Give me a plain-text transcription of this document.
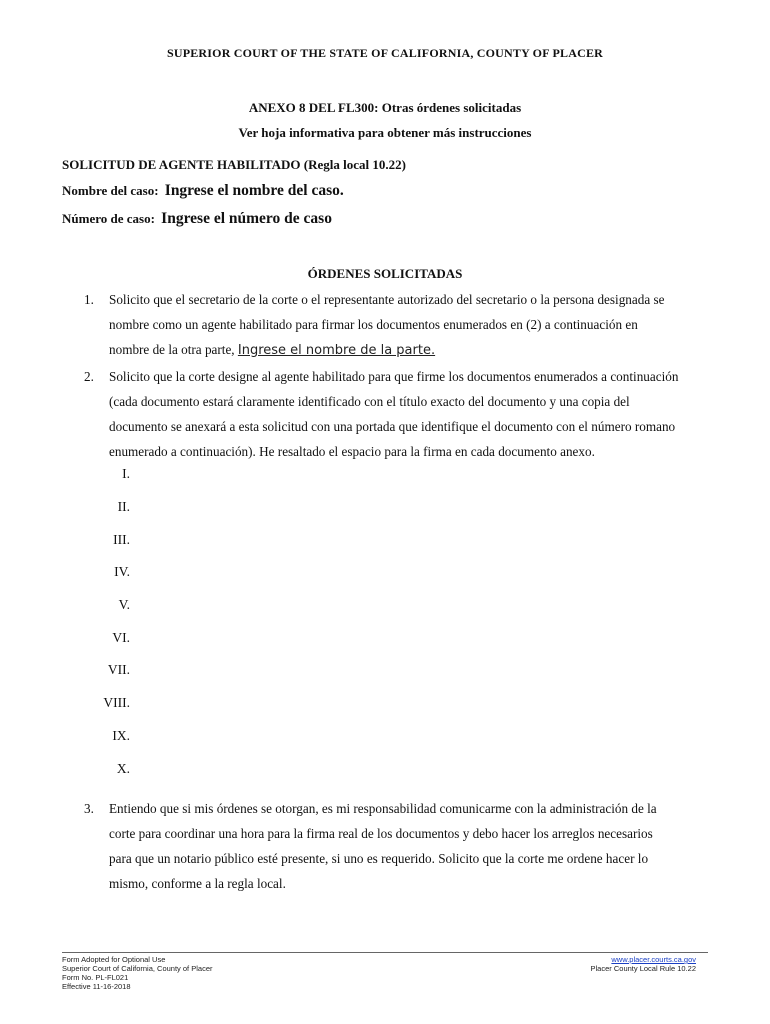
SUPERIOR COURT OF THE STATE OF CALIFORNIA, COUNTY OF PLACER
ANEXO 8 DEL FL300: Otras órdenes solicitadas
Ver hoja informativa para obtener más instrucciones
SOLICITUD DE AGENTE HABILITADO (Regla local 10.22)
Nombre del caso: Ingrese el nombre del caso.
Número de caso: Ingrese el número de caso
ÓRDENES SOLICITADAS
1. Solicito que el secretario de la corte o el representante autorizado del secretario o la persona designada se
nombre como un agente habilitado para firmar los documentos enumerados en (2) a continuación en
nombre de la otra parte, Ingrese el nombre de la parte.
2. Solicito que la corte designe al agente habilitado para que firme los documentos enumerados a continuación
(cada documento estará claramente identificado con el título exacto del documento y una copia del
documento se anexará a esta solicitud con una portada que identifique el documento con el número romano
enumerado a continuación). He resaltado el espacio para la firma en cada documento anexo.
I.
II.
III.
IV.
V.
VI.
VII.
VIII.
IX.
X.
3. Entiendo que si mis órdenes se otorgan, es mi responsabilidad comunicarme con la administración de la
corte para coordinar una hora para la firma real de los documentos y debo hacer los arreglos necesarios
para que un notario público esté presente, si uno es requerido. Solicito que la corte me ordene hacer lo
mismo, conforme a la regla local.
Form Adopted for Optional Use
Superior Court of California, County of Placer
Form No. PL-FL021
Effective 11-16-2018
www.placer.courts.ca.gov
Placer County Local Rule 10.22
